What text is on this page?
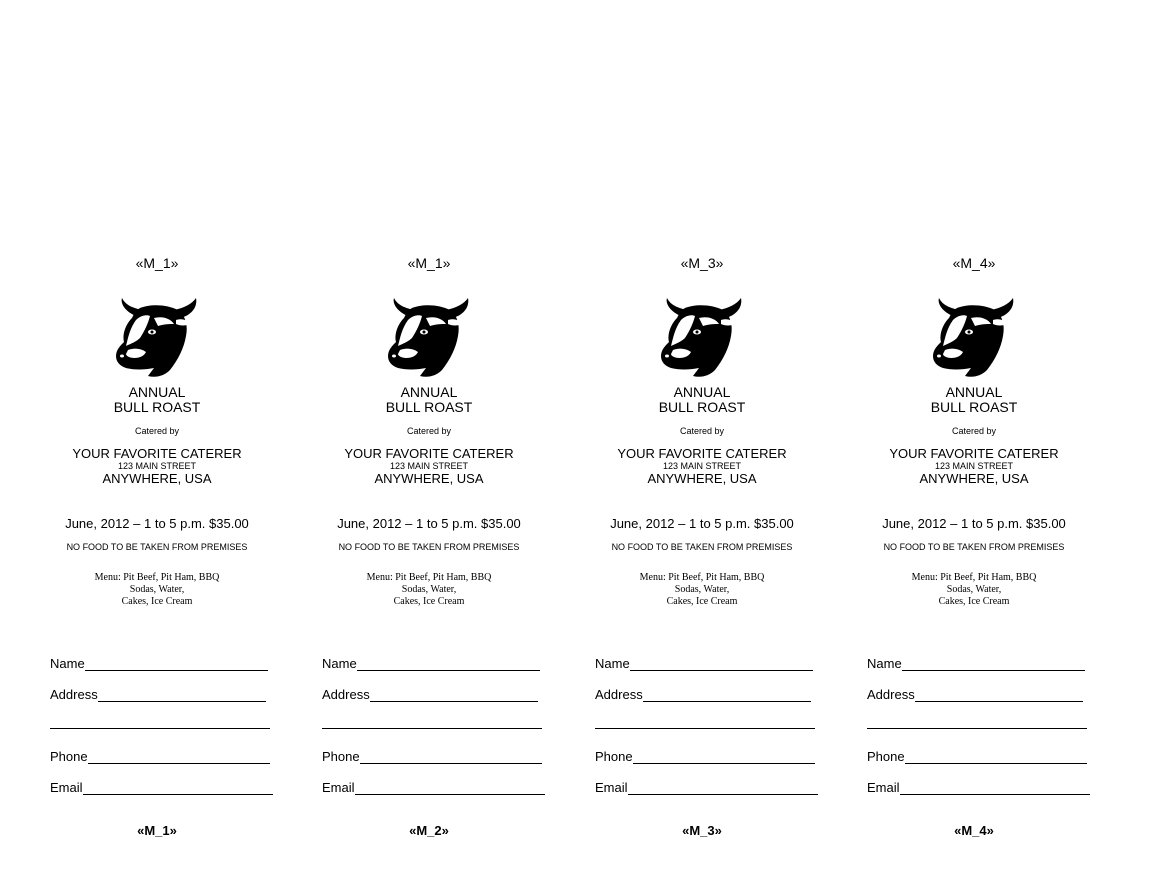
«M_1»
ANNUAL
BULL ROAST
Catered by
YOUR FAVORITE CATERER
123 MAIN STREET
ANYWHERE, USA
June, 2012 – 1 to 5 p.m. $35.00
NO FOOD TO BE TAKEN FROM PREMISES
Menu: Pit Beef, Pit Ham, BBQ
Sodas, Water,
Cakes, Ice Cream
Name
Address
Phone
Email
«M_1»
«M_1»
ANNUAL
BULL ROAST
Catered by
YOUR FAVORITE CATERER
123 MAIN STREET
ANYWHERE, USA
June, 2012 – 1 to 5 p.m. $35.00
NO FOOD TO BE TAKEN FROM PREMISES
Menu: Pit Beef, Pit Ham, BBQ
Sodas, Water,
Cakes, Ice Cream
Name
Address
Phone
Email
«M_2»
«M_3»
ANNUAL
BULL ROAST
Catered by
YOUR FAVORITE CATERER
123 MAIN STREET
ANYWHERE, USA
June, 2012 – 1 to 5 p.m. $35.00
NO FOOD TO BE TAKEN FROM PREMISES
Menu: Pit Beef, Pit Ham, BBQ
Sodas, Water,
Cakes, Ice Cream
Name
Address
Phone
Email
«M_3»
«M_4»
ANNUAL
BULL ROAST
Catered by
YOUR FAVORITE CATERER
123 MAIN STREET
ANYWHERE, USA
June, 2012 – 1 to 5 p.m. $35.00
NO FOOD TO BE TAKEN FROM PREMISES
Menu: Pit Beef, Pit Ham, BBQ
Sodas, Water,
Cakes, Ice Cream
Name
Address
Phone
Email
«M_4»
